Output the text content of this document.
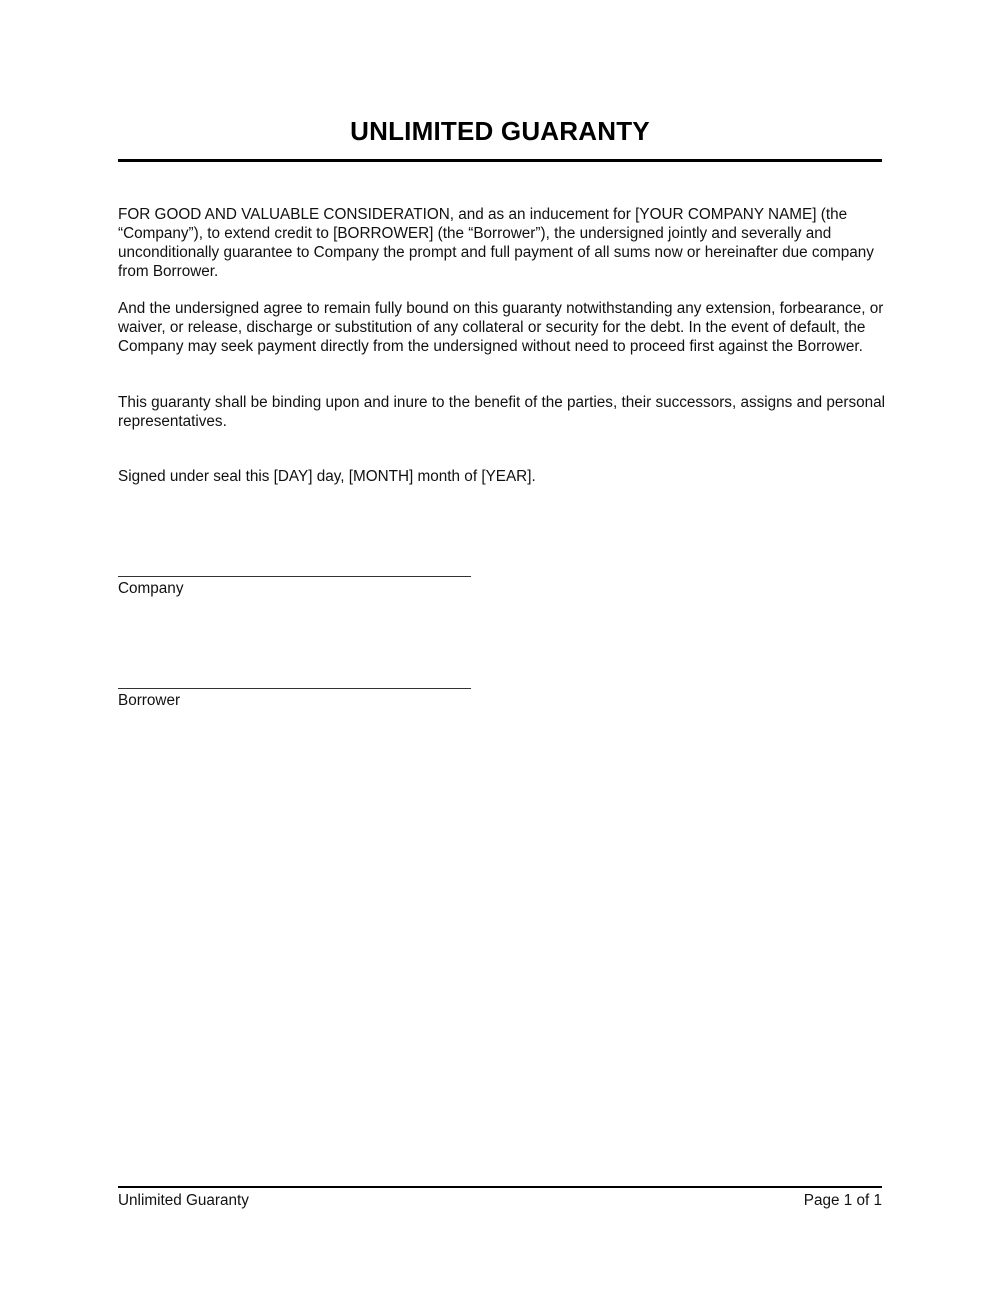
UNLIMITED GUARANTY

FOR GOOD AND VALUABLE CONSIDERATION, and as an inducement for [YOUR COMPANY NAME] (the “Company”), to extend credit to [BORROWER] (the “Borrower”), the undersigned jointly and severally and unconditionally guarantee to Company the prompt and full payment of all sums now or hereinafter due company from Borrower.

And the undersigned agree to remain fully bound on this guaranty notwithstanding any extension, forbearance, or waiver, or release, discharge or substitution of any collateral or security for the debt. In the event of default, the Company may seek payment directly from the undersigned without need to proceed first against the Borrower.

This guaranty shall be binding upon and inure to the benefit of the parties, their successors, assigns and personal representatives.

Signed under seal this [DAY] day, [MONTH] month of [YEAR].

Company
Borrower
Unlimited Guaranty	Page 1 of 1
